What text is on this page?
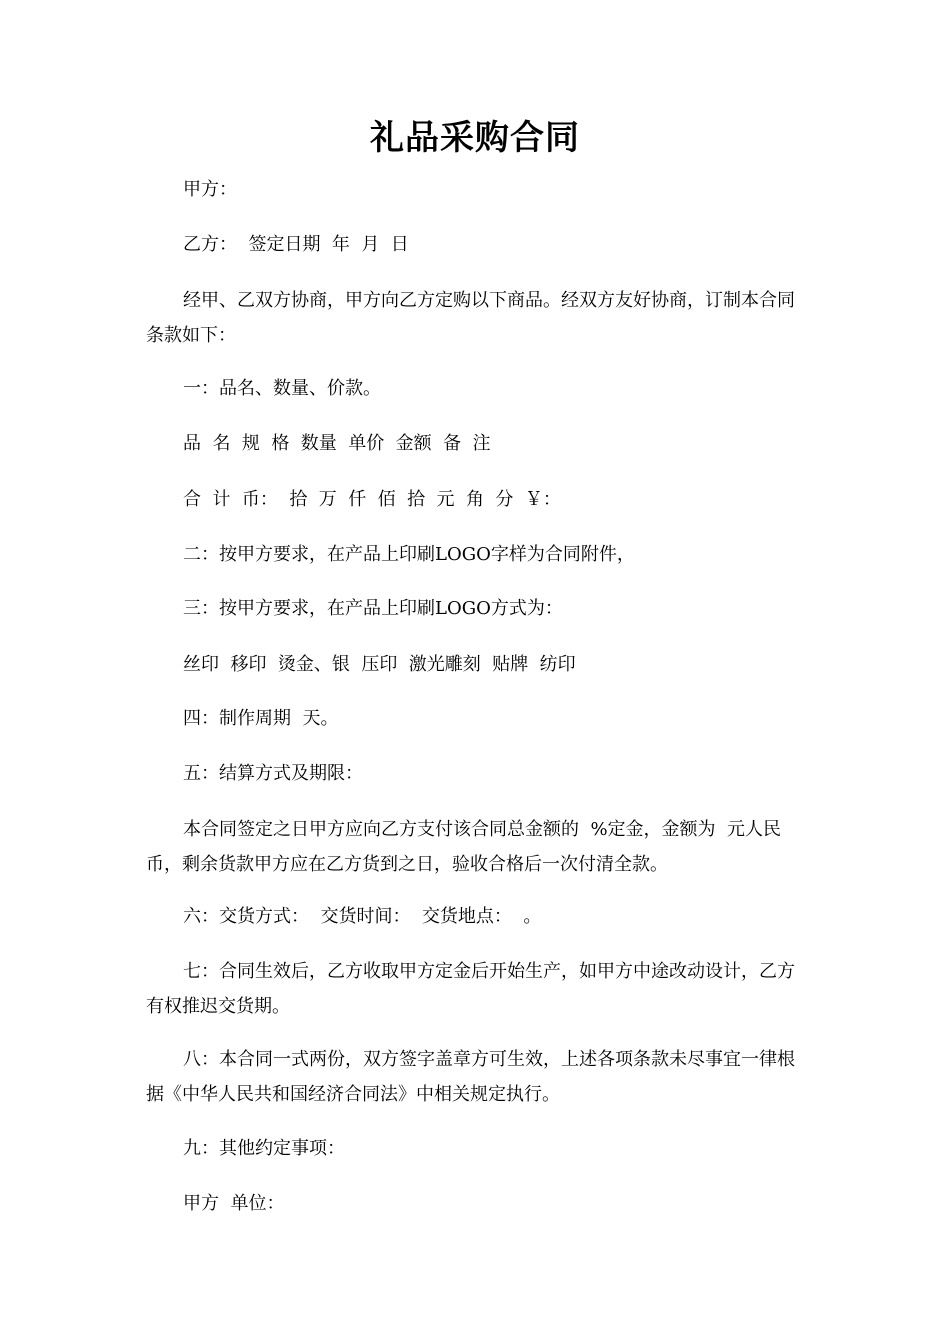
礼品采购合同
甲方：
乙方：  签定日期  年  月  日
经甲、乙双方协商，甲方向乙方定购以下商品。经双方友好协商，订制本合同条款如下：
一：品名、数量、价款。
品  名  规  格  数量  单价  金额  备  注
合  计  币：  拾  万  仟  佰  拾  元  角  分  ￥：
二：按甲方要求，在产品上印刷LOGO字样为合同附件，
三：按甲方要求，在产品上印刷LOGO方式为：
丝印  移印  烫金、银  压印  激光雕刻  贴牌  纺印
四：制作周期  天。
五：结算方式及期限：
本合同签定之日甲方应向乙方支付该合同总金额的  %定金，金额为  元人民币，剩余货款甲方应在乙方货到之日，验收合格后一次付清全款。
六：交货方式：  交货时间：  交货地点：  。
七：合同生效后，乙方收取甲方定金后开始生产，如甲方中途改动设计，乙方有权推迟交货期。
八：本合同一式两份，双方签字盖章方可生效，上述各项条款未尽事宜一律根据《中华人民共和国经济合同法》中相关规定执行。
九：其他约定事项：
甲方  单位：
